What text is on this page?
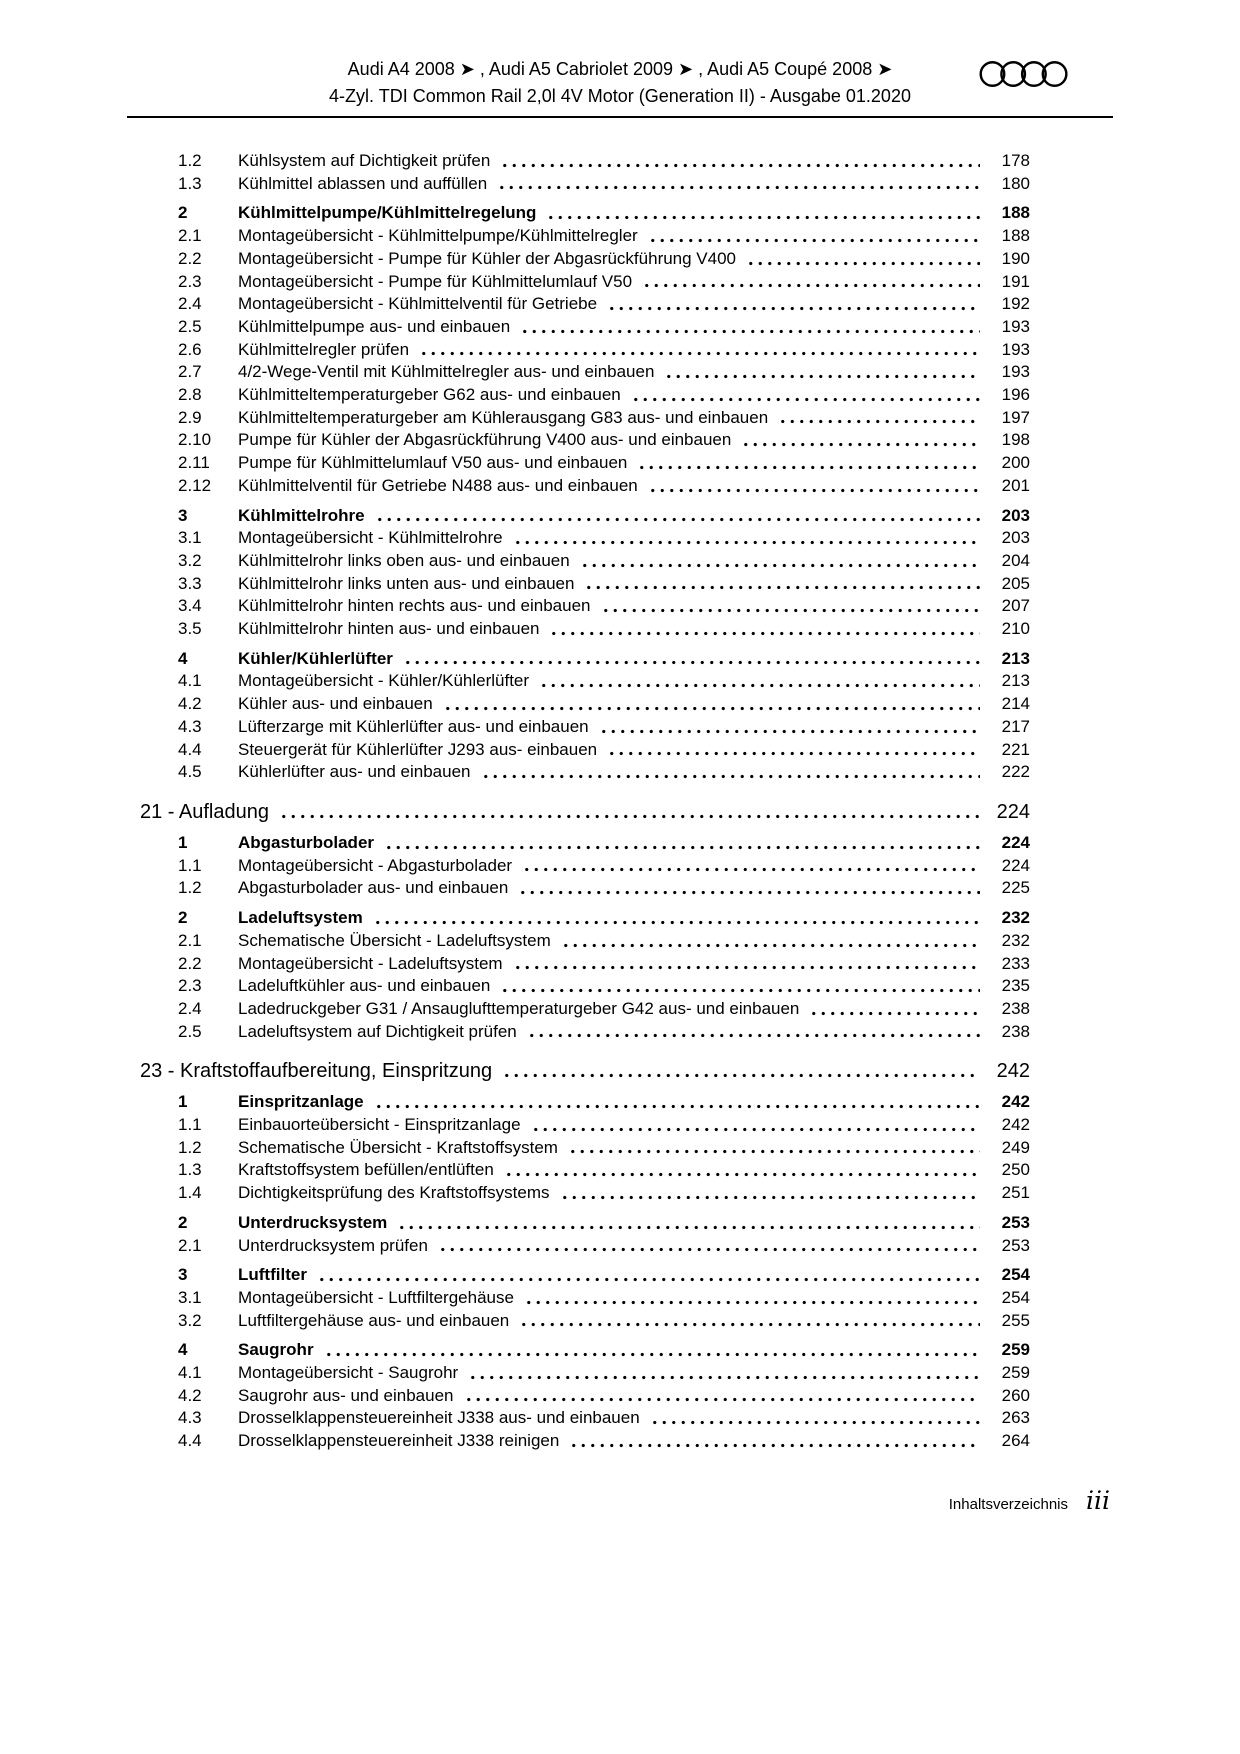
Audi A4 2008 ➤ , Audi A5 Cabriolet 2009 ➤ , Audi A5 Coupé 2008 ➤
4-Zyl. TDI Common Rail 2,0l 4V Motor (Generation II) - Ausgabe 01.2020
1.2	Kühlsystem auf Dichtigkeit prüfen	178
1.3	Kühlmittel ablassen und auffüllen	180
2	Kühlmittelpumpe/Kühlmittelregelung	188
2.1	Montageübersicht - Kühlmittelpumpe/Kühlmittelregler	188
2.2	Montageübersicht - Pumpe für Kühler der Abgasrückführung V400	190
2.3	Montageübersicht - Pumpe für Kühlmittelumlauf V50	191
2.4	Montageübersicht - Kühlmittelventil für Getriebe	192
2.5	Kühlmittelpumpe aus- und einbauen	193
2.6	Kühlmittelregler prüfen	193
2.7	4/2-Wege-Ventil mit Kühlmittelregler aus- und einbauen	193
2.8	Kühlmitteltemperaturgeber G62 aus- und einbauen	196
2.9	Kühlmitteltemperaturgeber am Kühlerausgang G83 aus- und einbauen	197
2.10	Pumpe für Kühler der Abgasrückführung V400 aus- und einbauen	198
2.11	Pumpe für Kühlmittelumlauf V50 aus- und einbauen	200
2.12	Kühlmittelventil für Getriebe N488 aus- und einbauen	201
3	Kühlmittelrohre	203
3.1	Montageübersicht - Kühlmittelrohre	203
3.2	Kühlmittelrohr links oben aus- und einbauen	204
3.3	Kühlmittelrohr links unten aus- und einbauen	205
3.4	Kühlmittelrohr hinten rechts aus- und einbauen	207
3.5	Kühlmittelrohr hinten aus- und einbauen	210
4	Kühler/Kühlerlüfter	213
4.1	Montageübersicht - Kühler/Kühlerlüfter	213
4.2	Kühler aus- und einbauen	214
4.3	Lüfterzarge mit Kühlerlüfter aus- und einbauen	217
4.4	Steuergerät für Kühlerlüfter J293 aus- einbauen	221
4.5	Kühlerlüfter aus- und einbauen	222
21 - Aufladung	224
1	Abgasturbolader	224
1.1	Montageübersicht - Abgasturbolader	224
1.2	Abgasturbolader aus- und einbauen	225
2	Ladeluftsystem	232
2.1	Schematische Übersicht - Ladeluftsystem	232
2.2	Montageübersicht - Ladeluftsystem	233
2.3	Ladeluftkühler aus- und einbauen	235
2.4	Ladedruckgeber G31 / Ansauglufttemperaturgeber G42 aus- und einbauen	238
2.5	Ladeluftsystem auf Dichtigkeit prüfen	238
23 - Kraftstoffaufbereitung, Einspritzung	242
1	Einspritzanlage	242
1.1	Einbauorteübersicht - Einspritzanlage	242
1.2	Schematische Übersicht - Kraftstoffsystem	249
1.3	Kraftstoffsystem befüllen/entlüften	250
1.4	Dichtigkeitsprüfung des Kraftstoffsystems	251
2	Unterdrucksystem	253
2.1	Unterdrucksystem prüfen	253
3	Luftfilter	254
3.1	Montageübersicht - Luftfiltergehäuse	254
3.2	Luftfiltergehäuse aus- und einbauen	255
4	Saugrohr	259
4.1	Montageübersicht - Saugrohr	259
4.2	Saugrohr aus- und einbauen	260
4.3	Drosselklappensteuereinheit J338 aus- und einbauen	263
4.4	Drosselklappensteuereinheit J338 reinigen	264
Inhaltsverzeichnis iii
